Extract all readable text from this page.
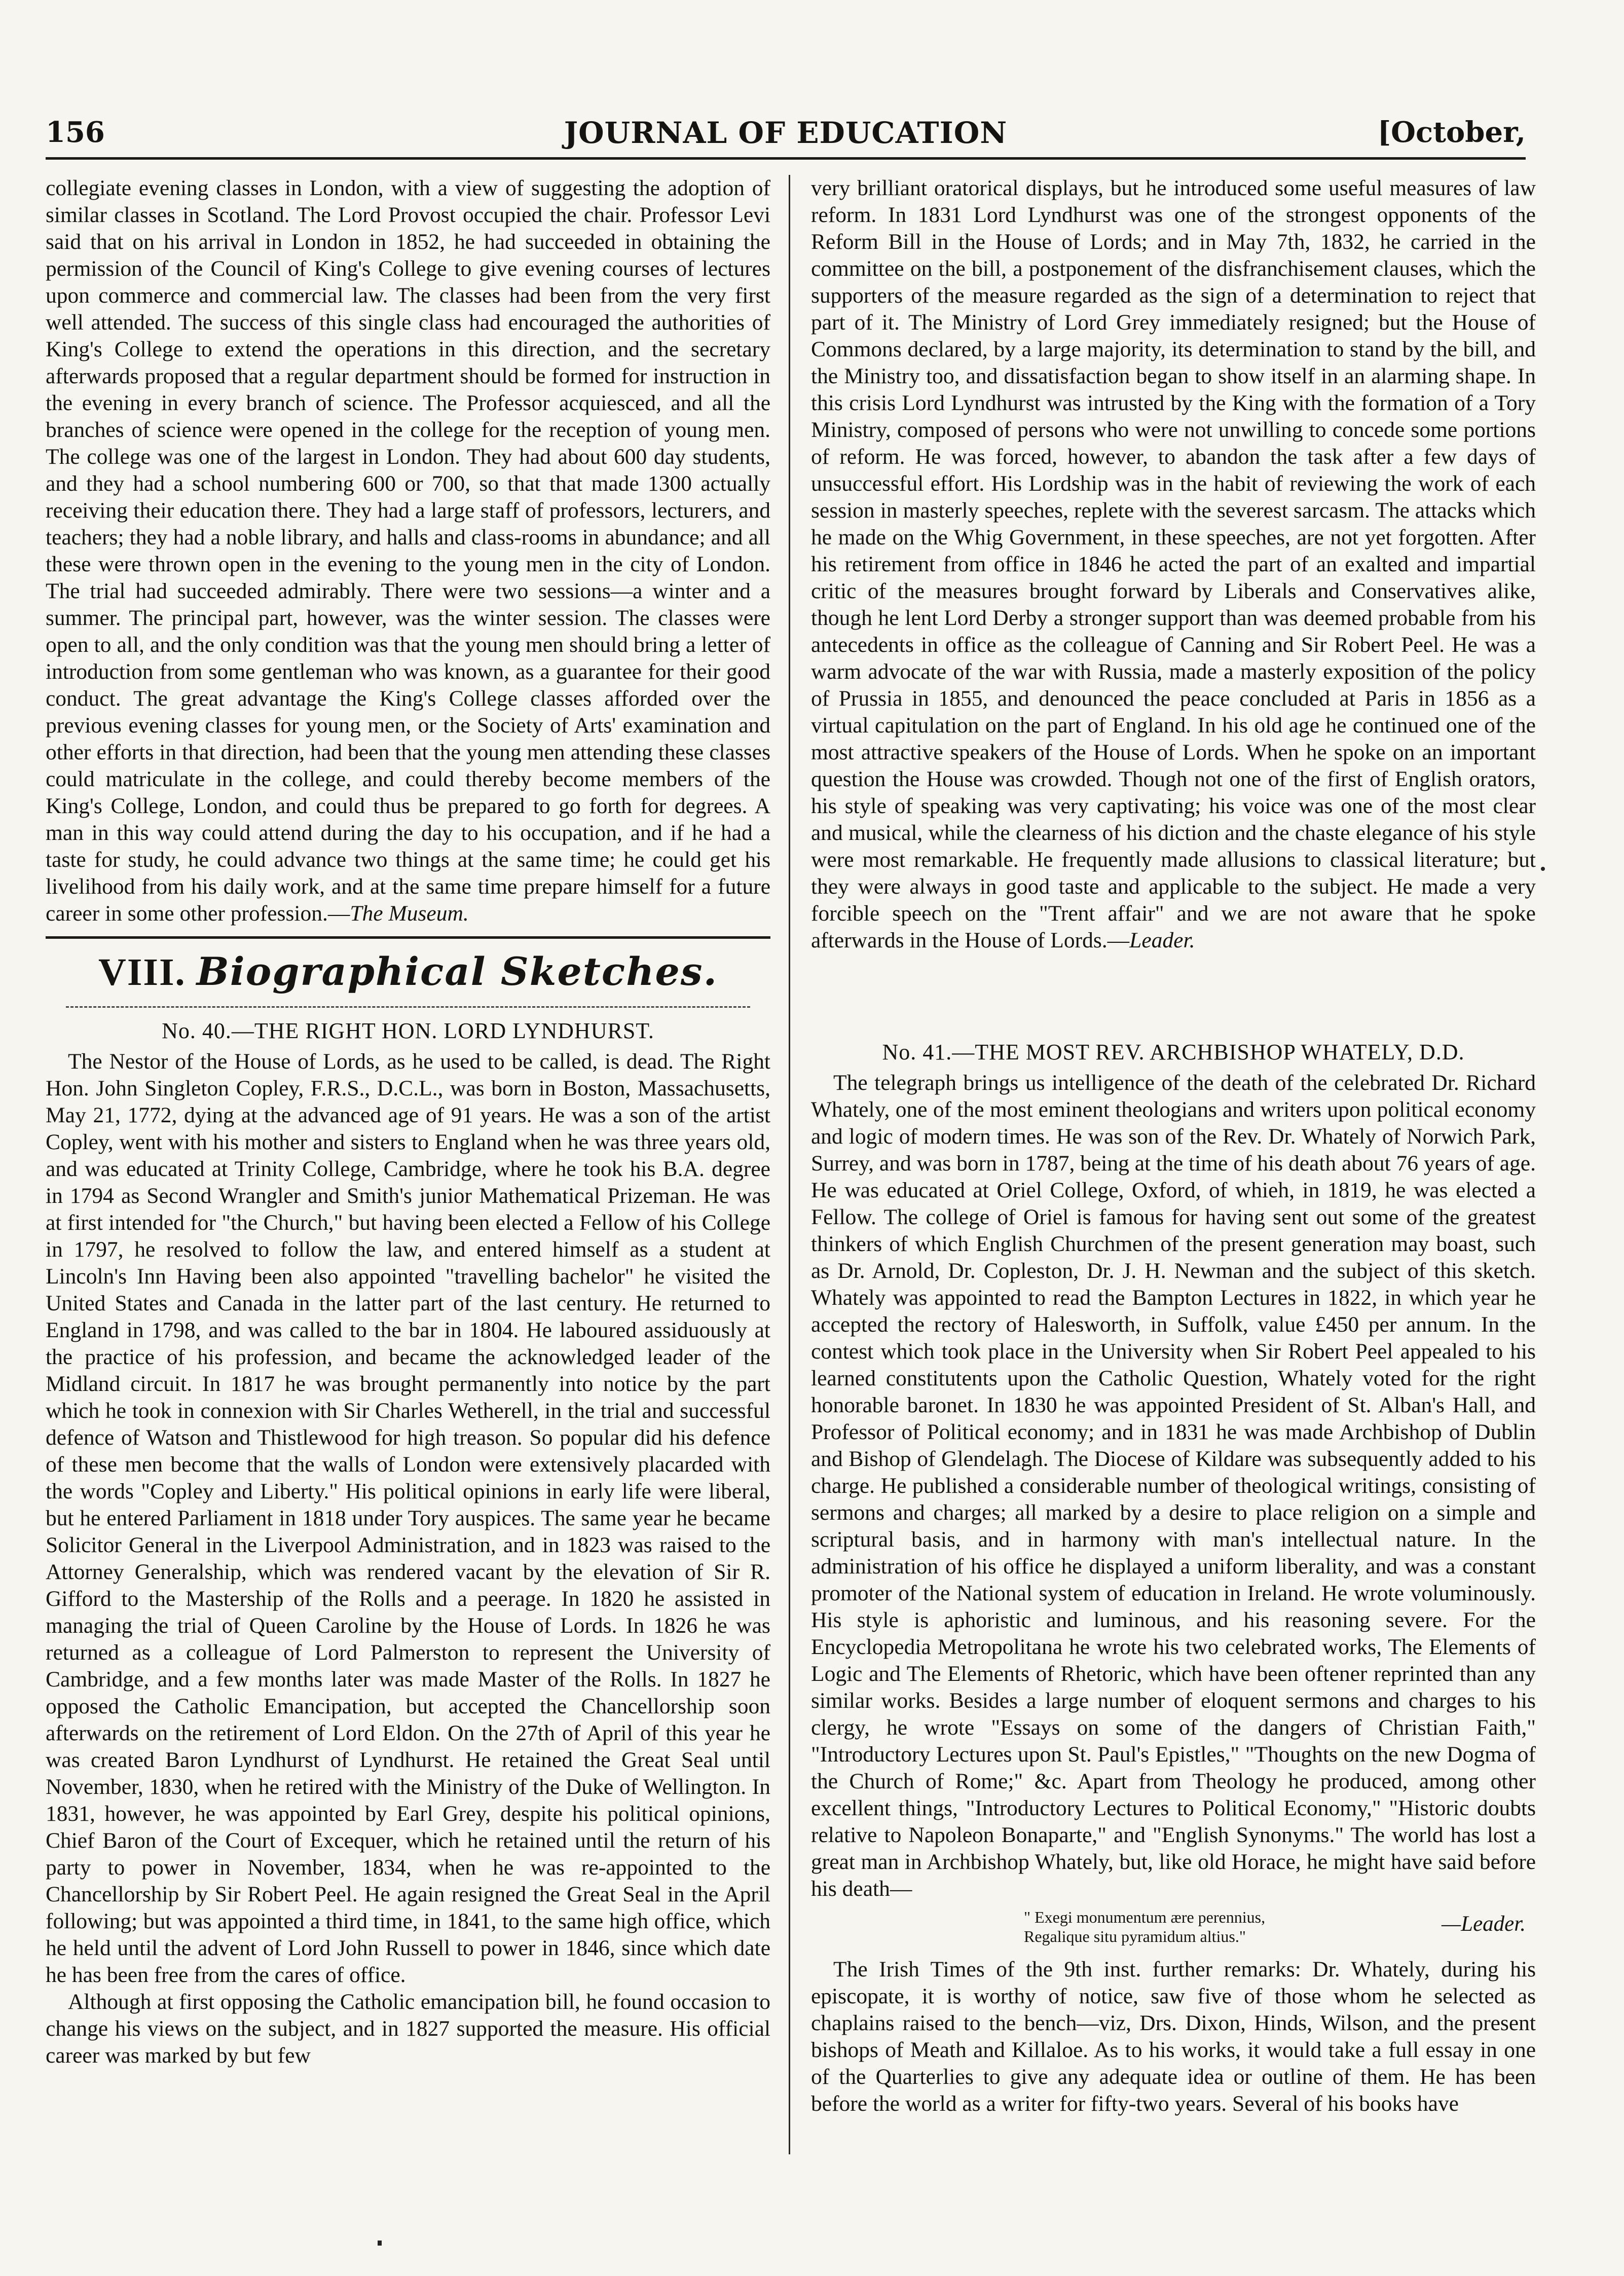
156	JOURNAL OF EDUCATION	[October,

collegiate evening classes in London, with a view of suggesting the adoption of similar classes in Scotland. The Lord Provost occupied the chair. Professor Levi said that on his arrival in London in 1852, he had succeeded in obtaining the permission of the Council of King's College to give evening courses of lectures upon commerce and commercial law. The classes had been from the very first well attended. The success of this single class had encouraged the authorities of King's College to extend the operations in this direction, and the secretary afterwards proposed that a regular department should be formed for instruction in the evening in every branch of science. The Professor acquiesced, and all the branches of science were opened in the college for the reception of young men. The college was one of the largest in London. They had about 600 day students, and they had a school numbering 600 or 700, so that that made 1300 actually receiving their education there. They had a large staff of professors, lecturers, and teachers; they had a noble library, and halls and class-rooms in abundance; and all these were thrown open in the evening to the young men in the city of London. The trial had succeeded admirably. There were two sessions—a winter and a summer. The principal part, however, was the winter session. The classes were open to all, and the only condition was that the young men should bring a letter of introduction from some gentleman who was known, as a guarantee for their good conduct. The great advantage the King's College classes afforded over the previous evening classes for young men, or the Society of Arts' examination and other efforts in that direction, had been that the young men attending these classes could matriculate in the college, and could thereby become members of the King's College, London, and could thus be prepared to go forth for degrees. A man in this way could attend during the day to his occupation, and if he had a taste for study, he could advance two things at the same time; he could get his livelihood from his daily work, and at the same time prepare himself for a future career in some other profession.—The Museum.

VIII. Biographical Sketches.
No. 40.—THE RIGHT HON. LORD LYNDHURST.

The Nestor of the House of Lords, as he used to be called, is dead. The Right Hon. John Singleton Copley, F.R.S., D.C.L., was born in Boston, Massachusetts, May 21, 1772, dying at the advanced age of 91 years. He was a son of the artist Copley, went with his mother and sisters to England when he was three years old, and was educated at Trinity College, Cambridge, where he took his B.A. degree in 1794 as Second Wrangler and Smith's junior Mathematical Prizeman. He was at first intended for "the Church," but having been elected a Fellow of his College in 1797, he resolved to follow the law, and entered himself as a student at Lincoln's Inn Having been also appointed "travelling bachelor" he visited the United States and Canada in the latter part of the last century. He returned to England in 1798, and was called to the bar in 1804. He laboured assiduously at the practice of his profession, and became the acknowledged leader of the Midland circuit. In 1817 he was brought permanently into notice by the part which he took in connexion with Sir Charles Wetherell, in the trial and successful defence of Watson and Thistlewood for high treason. So popular did his defence of these men become that the walls of London were extensively placarded with the words "Copley and Liberty." His political opinions in early life were liberal, but he entered Parliament in 1818 under Tory auspices. The same year he became Solicitor General in the Liverpool Administration, and in 1823 was raised to the Attorney Generalship, which was rendered vacant by the elevation of Sir R. Gifford to the Mastership of the Rolls and a peerage. In 1820 he assisted in managing the trial of Queen Caroline by the House of Lords. In 1826 he was returned as a colleague of Lord Palmerston to represent the University of Cambridge, and a few months later was made Master of the Rolls. In 1827 he opposed the Catholic Emancipation, but accepted the Chancellorship soon afterwards on the retirement of Lord Eldon. On the 27th of April of this year he was created Baron Lyndhurst of Lyndhurst. He retained the Great Seal until November, 1830, when he retired with the Ministry of the Duke of Wellington. In 1831, however, he was appointed by Earl Grey, despite his political opinions, Chief Baron of the Court of Excequer, which he retained until the return of his party to power in November, 1834, when he was re-appointed to the Chancellorship by Sir Robert Peel. He again resigned the Great Seal in the April following; but was appointed a third time, in 1841, to the same high office, which he held until the advent of Lord John Russell to power in 1846, since which date he has been free from the cares of office.

Although at first opposing the Catholic emancipation bill, he found occasion to change his views on the subject, and in 1827 supported the measure. His official career was marked by but few

very brilliant oratorical displays, but he introduced some useful measures of law reform. In 1831 Lord Lyndhurst was one of the strongest opponents of the Reform Bill in the House of Lords; and in May 7th, 1832, he carried in the committee on the bill, a postponement of the disfranchisement clauses, which the supporters of the measure regarded as the sign of a determination to reject that part of it. The Ministry of Lord Grey immediately resigned; but the House of Commons declared, by a large majority, its determination to stand by the bill, and the Ministry too, and dissatisfaction began to show itself in an alarming shape. In this crisis Lord Lyndhurst was intrusted by the King with the formation of a Tory Ministry, composed of persons who were not unwilling to concede some portions of reform. He was forced, however, to abandon the task after a few days of unsuccessful effort. His Lordship was in the habit of reviewing the work of each session in masterly speeches, replete with the severest sarcasm. The attacks which he made on the Whig Government, in these speeches, are not yet forgotten. After his retirement from office in 1846 he acted the part of an exalted and impartial critic of the measures brought forward by Liberals and Conservatives alike, though he lent Lord Derby a stronger support than was deemed probable from his antecedents in office as the colleague of Canning and Sir Robert Peel. He was a warm advocate of the war with Russia, made a masterly exposition of the policy of Prussia in 1855, and denounced the peace concluded at Paris in 1856 as a virtual capitulation on the part of England. In his old age he continued one of the most attractive speakers of the House of Lords. When he spoke on an important question the House was crowded. Though not one of the first of English orators, his style of speaking was very captivating; his voice was one of the most clear and musical, while the clearness of his diction and the chaste elegance of his style were most remarkable. He frequently made allusions to classical literature; but they were always in good taste and applicable to the subject. He made a very forcible speech on the "Trent affair" and we are not aware that he spoke afterwards in the House of Lords.—Leader.

No. 41.—THE MOST REV. ARCHBISHOP WHATELY, D.D.

The telegraph brings us intelligence of the death of the celebrated Dr. Richard Whately, one of the most eminent theologians and writers upon political economy and logic of modern times. He was son of the Rev. Dr. Whately of Norwich Park, Surrey, and was born in 1787, being at the time of his death about 76 years of age. He was educated at Oriel College, Oxford, of whieh, in 1819, he was elected a Fellow. The college of Oriel is famous for having sent out some of the greatest thinkers of which English Churchmen of the present generation may boast, such as Dr. Arnold, Dr. Copleston, Dr. J. H. Newman and the subject of this sketch. Whately was appointed to read the Bampton Lectures in 1822, in which year he accepted the rectory of Halesworth, in Suffolk, value £450 per annum. In the contest which took place in the University when Sir Robert Peel appealed to his learned constitutents upon the Catholic Question, Whately voted for the right honorable baronet. In 1830 he was appointed President of St. Alban's Hall, and Professor of Political economy; and in 1831 he was made Archbishop of Dublin and Bishop of Glendelagh. The Diocese of Kildare was subsequently added to his charge. He published a considerable number of theological writings, consisting of sermons and charges; all marked by a desire to place religion on a simple and scriptural basis, and in harmony with man's intellectual nature. In the administration of his office he displayed a uniform liberality, and was a constant promoter of the National system of education in Ireland. He wrote voluminously. His style is aphoristic and luminous, and his reasoning severe. For the Encyclopedia Metropolitana he wrote his two celebrated works, The Elements of Logic and The Elements of Rhetoric, which have been oftener reprinted than any similar works. Besides a large number of eloquent sermons and charges to his clergy, he wrote "Essays on some of the dangers of Christian Faith," "Introductory Lectures upon St. Paul's Epistles," "Thoughts on the new Dogma of the Church of Rome;" &c. Apart from Theology he produced, among other excellent things, "Introductory Lectures to Political Economy," "Historic doubts relative to Napoleon Bonaparte," and "English Synonyms." The world has lost a great man in Archbishop Whately, but, like old Horace, he might have said before his death—

" Exegi monumentum ære perennius,
Regalique situ pyramidum altius."
—Leader.

The Irish Times of the 9th inst. further remarks: Dr. Whately, during his episcopate, it is worthy of notice, saw five of those whom he selected as chaplains raised to the bench—viz, Drs. Dixon, Hinds, Wilson, and the present bishops of Meath and Killaloe. As to his works, it would take a full essay in one of the Quarterlies to give any adequate idea or outline of them. He has been before the world as a writer for fifty-two years. Several of his books have
